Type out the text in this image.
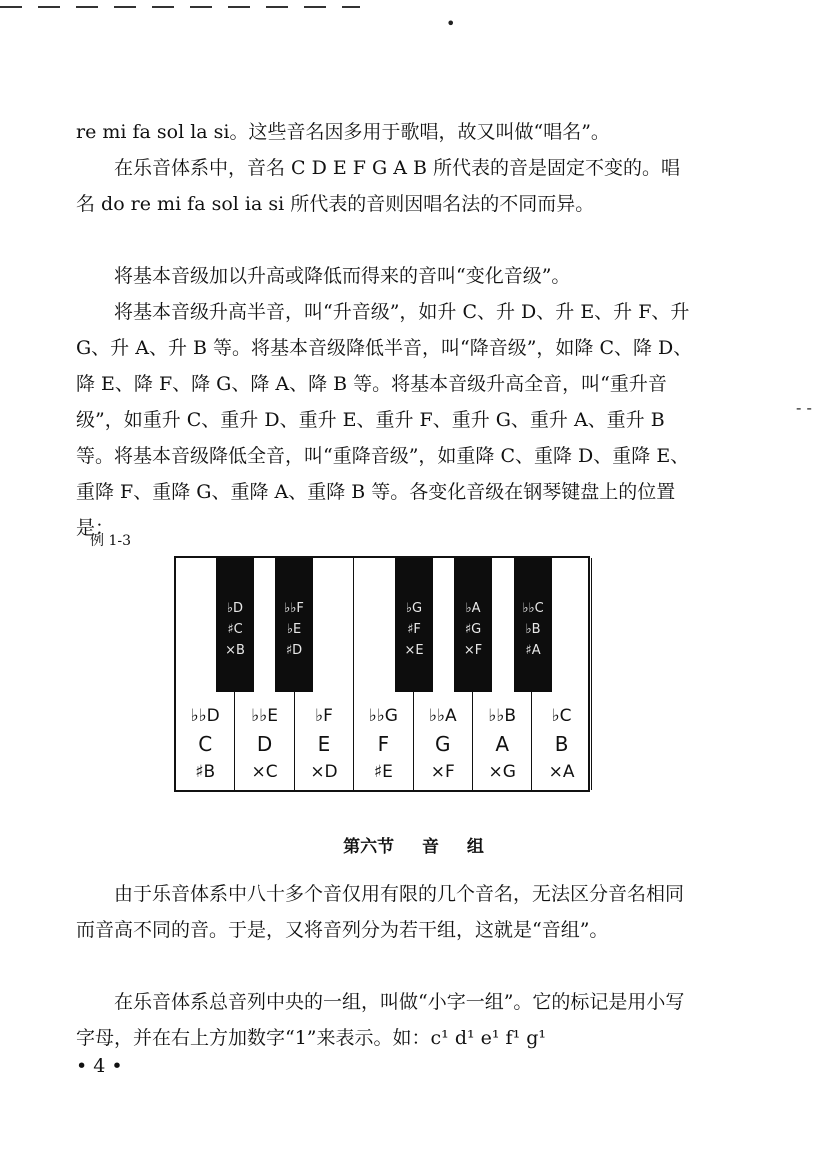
•
- -

re mi fa sol la si。这些音名因多用于歌唱，故又叫做“唱名”。

在乐音体系中，音名 C D E F G A B 所代表的音是固定不变的。唱名 do re mi fa sol ia si 所代表的音则因唱名法的不同而异。

将基本音级加以升高或降低而得来的音叫“变化音级”。

将基本音级升高半音，叫“升音级”，如升 C、升 D、升 E、升 F、升 G、升 A、升 B 等。将基本音级降低半音，叫“降音级”，如降 C、降 D、降 E、降 F、降 G、降 A、降 B 等。将基本音级升高全音，叫“重升音级”，如重升 C、重升 D、重升 E、重升 F、重升 G、重升 A、重升 B 等。将基本音级降低全音，叫“重降音级”，如重降 C、重降 D、重降 E、重降 F、重降 G、重降 A、重降 B 等。各变化音级在钢琴键盘上的位置是：

例 1-3
♭♭D
C
♯B
♭♭E
D
×C
♭F
E
×D
♭♭G
F
♯E
♭♭A
G
×F
♭♭B
A
×G
♭C
B
×A
♭D
♯C
×B
♭♭F
♭E
♯D
♭G
♯F
×E
♭A
♯G
×F
♭♭C
♭B
♯A
第六节 音 组

由于乐音体系中八十多个音仅用有限的几个音名，无法区分音名相同而音高不同的音。于是，又将音列分为若干组，这就是“音组”。

在乐音体系总音列中央的一组，叫做“小字一组”。它的标记是用小写字母，并在右上方加数字“1”来表示。如：c¹ d¹ e¹ f¹ g¹

• 4 •
